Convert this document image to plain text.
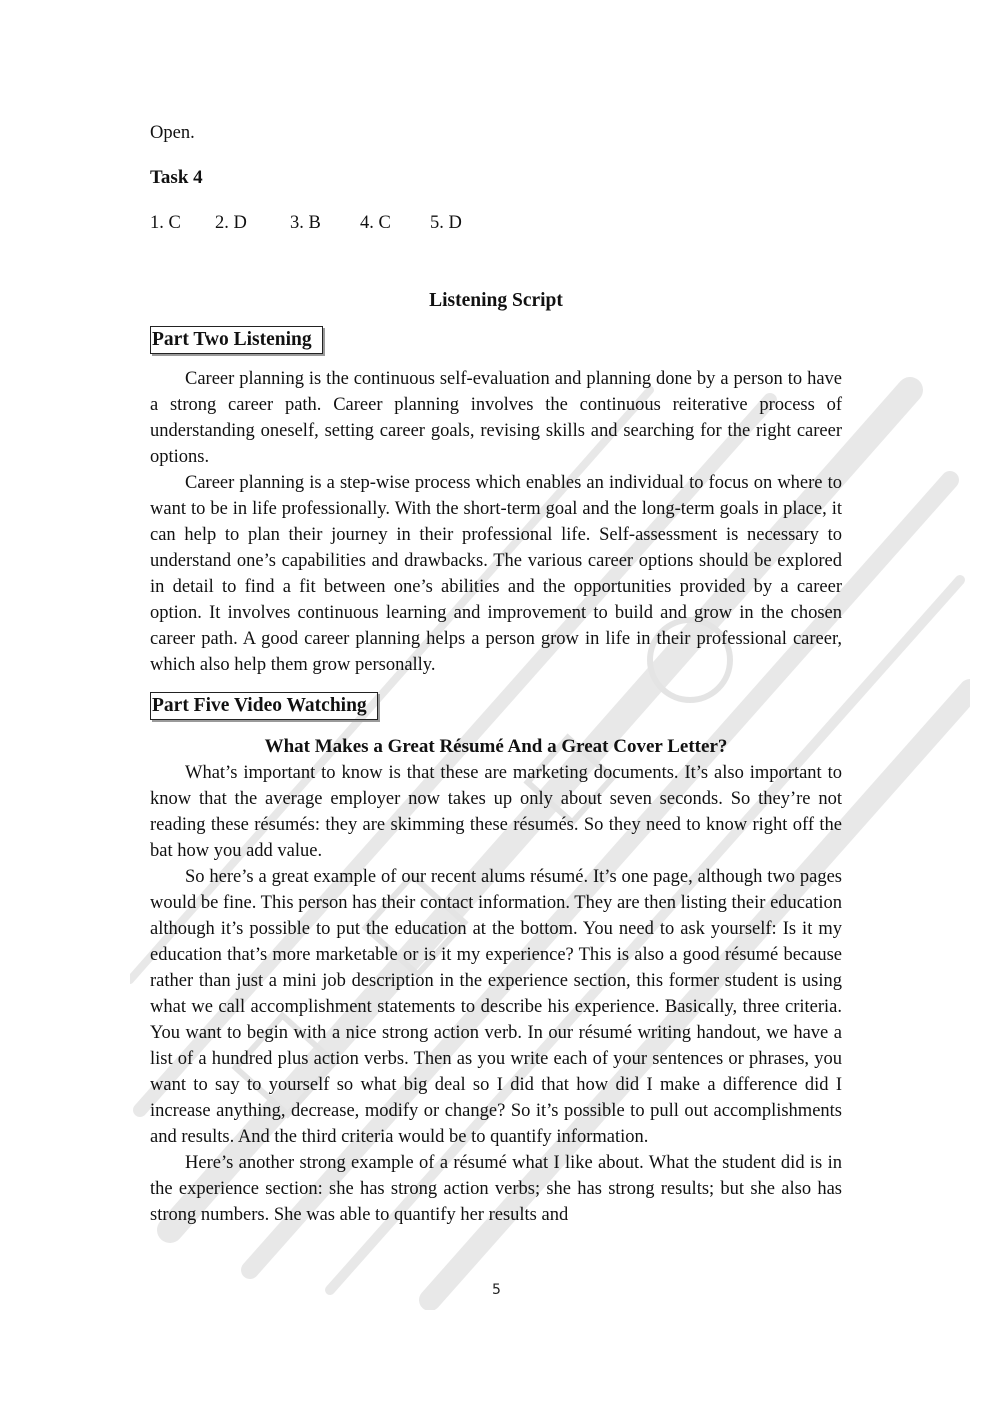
Open.
Task 4
1. C 2. D 3. B 4. C 5. D
Listening Script
Part Two Listening

Career planning is the continuous self-evaluation and planning done by a person to have a strong career path. Career planning involves the continuous reiterative process of understanding oneself, setting career goals, revising skills and searching for the right career options.

Career planning is a step-wise process which enables an individual to focus on where to want to be in life professionally. With the short-term goal and the long-term goals in place, it can help to plan their journey in their professional life. Self-assessment is necessary to understand one’s capabilities and drawbacks. The various career options should be explored in detail to find a fit between one’s abilities and the opportunities provided by a career option. It involves continuous learning and improvement to build and grow in the chosen career path. A good career planning helps a person grow in life in their professional career, which also help them grow personally.

Part Five Video Watching
What Makes a Great Résumé And a Great Cover Letter?

What’s important to know is that these are marketing documents. It’s also important to know that the average employer now takes up only about seven seconds. So they’re not reading these résumés: they are skimming these résumés. So they need to know right off the bat how you add value.

So here’s a great example of our recent alums résumé. It’s one page, although two pages would be fine. This person has their contact information. They are then listing their education although it’s possible to put the education at the bottom. You need to ask yourself: Is it my education that’s more marketable or is it my experience? This is also a good résumé because rather than just a mini job description in the experience section, this former student is using what we call accomplishment statements to describe his experience. Basically, three criteria. You want to begin with a nice strong action verb. In our résumé writing handout, we have a list of a hundred plus action verbs. Then as you write each of your sentences or phrases, you want to say to yourself so what big deal so I did that how did I make a difference did I increase anything, decrease, modify or change? So it’s possible to pull out accomplishments and results. And the third criteria would be to quantify information.

Here’s another strong example of a résumé what I like about. What the student did is in the experience section: she has strong action verbs; she has strong results; but she also has strong numbers. She was able to quantify her results and

5
